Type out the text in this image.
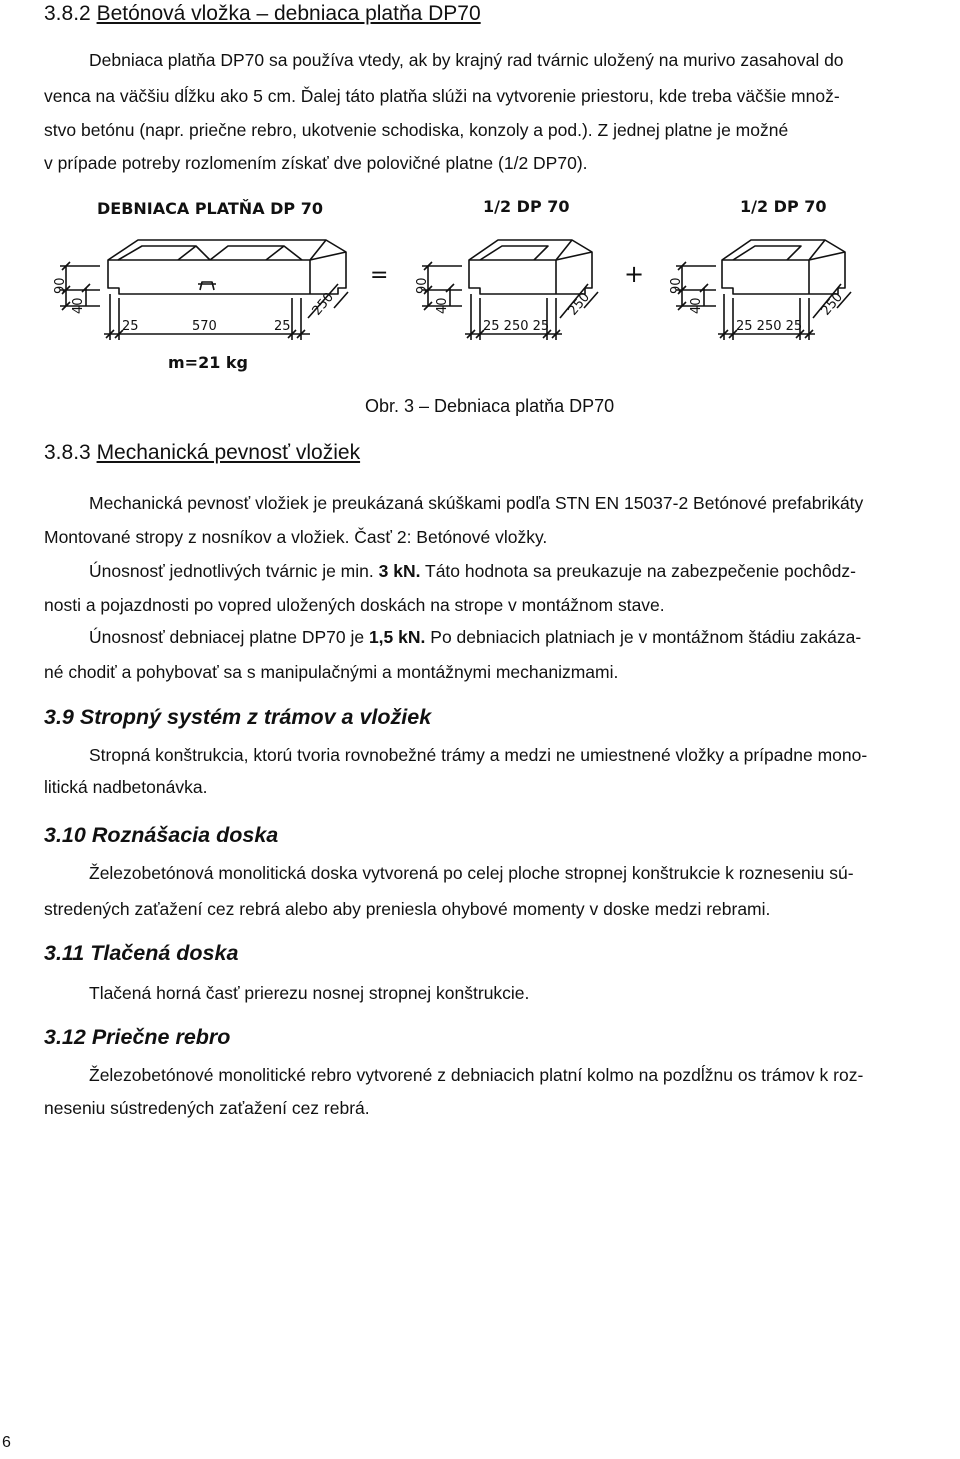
3.8.2 Betónová vložka – debniaca platňa DP70
Debniaca platňa DP70 sa používa vtedy, ak by krajný rad tvárnic uložený na murivo zasahoval do
venca na väčšiu dĺžku ako 5 cm. Ďalej táto platňa slúži na vytvorenie priestoru, kde treba väčšie množ-
stvo betónu (napr. priečne rebro, ukotvenie schodiska, konzoly a pod.). Z jednej platne je možné
v prípade potreby rozlomením získať dve polovičné platne (1/2 DP70).
DEBNIACA PLATŇA DP 70	1/2 DP 70	1/2 DP 70
=	+
m=21 kg
90
40
25	570	25
250
90
40
25 250 25
250
90
40
25 250 25
250
Obr. 3 – Debniaca platňa DP70
3.8.3 Mechanická pevnosť vložiek
Mechanická pevnosť vložiek je preukázaná skúškami podľa STN EN 15037-2 Betónové prefabrikáty
Montované stropy z nosníkov a vložiek. Časť 2: Betónové vložky.
Únosnosť jednotlivých tvárnic je min. 3 kN. Táto hodnota sa preukazuje na zabezpečenie pochôdz-
nosti a pojazdnosti po vopred uložených doskách na strope v montážnom stave.
Únosnosť debniacej platne DP70 je 1,5 kN. Po debniacich platniach je v montážnom štádiu zakáza-
né chodiť a pohybovať sa s manipulačnými a montážnymi mechanizmami.
3.9 Stropný systém z trámov a vložiek
Stropná konštrukcia, ktorú tvoria rovnobežné trámy a medzi ne umiestnené vložky a prípadne mono-
litická nadbetonávka.
3.10 Roznášacia doska
Železobetónová monolitická doska vytvorená po celej ploche stropnej konštrukcie k rozneseniu sú-
stredených zaťažení cez rebrá alebo aby preniesla ohybové momenty v doske medzi rebrami.
3.11 Tlačená doska
Tlačená horná časť prierezu nosnej stropnej konštrukcie.
3.12 Priečne rebro
Železobetónové monolitické rebro vytvorené z debniacich platní kolmo na pozdĺžnu os trámov k roz-
neseniu sústredených zaťažení cez rebrá.
6
